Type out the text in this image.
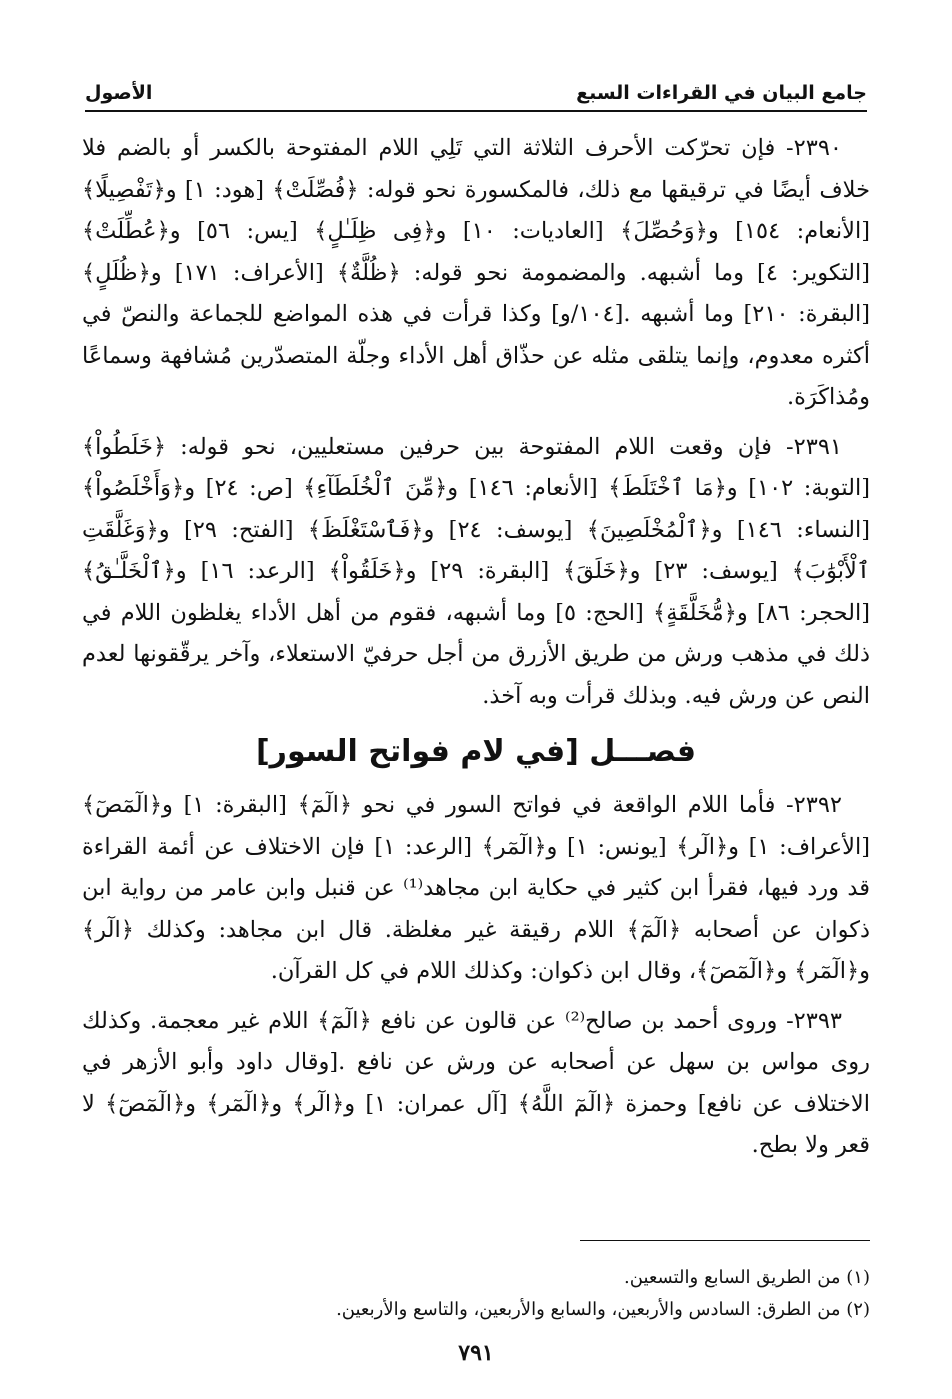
جامع البيان في القراءات السبع
الأصول

٢٣٩٠- فإن تحرّكت الأحرف الثلاثة التي تَلِي اللام المفتوحة بالكسر أو بالضم فلا خلاف أيضًا في ترقيقها مع ذلك، فالمكسورة نحو قوله: ﴿فُصِّلَتْ﴾ [هود: ١] و﴿تَفْصِيلًا﴾ [الأنعام: ١٥٤] و﴿وَحُصِّلَ﴾ [العاديات: ١٠] و﴿فِى ظِلَـٰلٍ﴾ [يس: ٥٦] و﴿عُطِّلَتْ﴾ [التكوير: ٤] وما أشبهه. والمضمومة نحو قوله: ﴿ظُلَّةٌ﴾ [الأعراف: ١٧١] و﴿ظُلَلٍ﴾ [البقرة: ٢١٠] وما أشبهه .[١٠٤/و] وكذا قرأت في هذه المواضع للجماعة والنصّ في أكثره معدوم، وإنما يتلقى مثله عن حذّاق أهل الأداء وجلّة المتصدّرين مُشافهة وسماعًا ومُذاكَرَة.

٢٣٩١- فإن وقعت اللام المفتوحة بين حرفين مستعليين، نحو قوله: ﴿خَلَطُواْ﴾ [التوبة: ١٠٢] و﴿مَا ٱخْتَلَطَ﴾ [الأنعام: ١٤٦] و﴿مِّنَ ٱلْخُلَطَآءِ﴾ [ص: ٢٤] و﴿وَأَخْلَصُواْ﴾ [النساء: ١٤٦] و﴿ٱلْمُخْلَصِينَ﴾ [يوسف: ٢٤] و﴿فَٱسْتَغْلَظَ﴾ [الفتح: ٢٩] و﴿وَغَلَّقَتِ ٱلْأَبْوَٰبَ﴾ [يوسف: ٢٣] و﴿خَلَقَ﴾ [البقرة: ٢٩] و﴿خَلَقُواْ﴾ [الرعد: ١٦] و﴿ٱلْخَلَّـٰقُ﴾ [الحجر: ٨٦] و﴿مُّخَلَّقَةٍ﴾ [الحج: ٥] وما أشبهه، فقوم من أهل الأداء يغلظون اللام في ذلك في مذهب ورش من طريق الأزرق من أجل حرفيّ الاستعلاء، وآخر يرقّقونها لعدم النص عن ورش فيه. وبذلك قرأت وبه آخذ.

فصـــل [في لام فواتح السور]

٢٣٩٢- فأما اللام الواقعة في فواتح السور في نحو ﴿الٓمٓ﴾ [البقرة: ١] و﴿الٓمٓصٓ﴾ [الأعراف: ١] و﴿الٓر﴾ [يونس: ١] و﴿الٓمٓر﴾ [الرعد: ١] فإن الاختلاف عن أئمة القراءة قد ورد فيها، فقرأ ابن كثير في حكاية ابن مجاهد⁽¹⁾ عن قنبل وابن عامر من رواية ابن ذكوان عن أصحابه ﴿الٓمٓ﴾ اللام رقيقة غير مغلظة. قال ابن مجاهد: وكذلك ﴿الٓر﴾ و﴿الٓمٓر﴾ و﴿الٓمٓصٓ﴾، وقال ابن ذكوان: وكذلك اللام في كل القرآن.

٢٣٩٣- وروى أحمد بن صالح⁽²⁾ عن قالون عن نافع ﴿الٓمٓ﴾ اللام غير معجمة. وكذلك روى مواس بن سهل عن أصحابه عن ورش عن نافع .[وقال داود وأبو الأزهر في الاختلاف عن نافع] وحمزة ﴿الٓمٓ اللَّهُ﴾ [آل عمران: ١] و﴿الٓر﴾ و﴿الٓمٓر﴾ و﴿الٓمٓصٓ﴾ لا قعر ولا بطح.

(١) من الطريق السابع والتسعين.
(٢) من الطرق: السادس والأربعين، والسابع والأربعين، والتاسع والأربعين.
٧٩١
